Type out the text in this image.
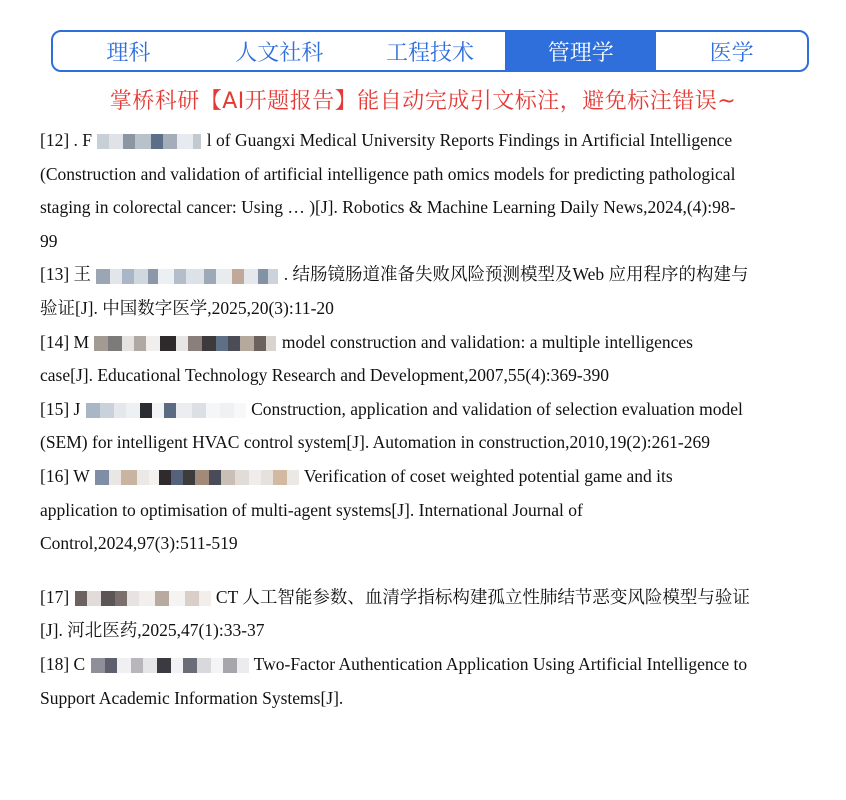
理科	人文社科	工程技术	管理学	医学
掌桥科研【AI开题报告】能自动完成引文标注，避免标注错误~

[12] . F	l of Guangxi Medical University Reports Findings in Artificial Intelligence (Construction and validation of artificial intelligence path omics models for predicting pathological staging in colorectal cancer: Using … )[J]. Robotics & Machine Learning Daily News,2024,(4):98-99

[13] 王	. 结肠镜肠道准备失败风险预测模型及Web 应用程序的构建与验证[J]. 中国数字医学,2025,20(3):11-20

[14] M	model construction and validation: a multiple intelligences case[J]. Educational Technology Research and Development,2007,55(4):369-390

[15] J	Construction, application and validation of selection evaluation model (SEM) for intelligent HVAC control system[J]. Automation in construction,2010,19(2):261-269

[16] W	Verification of coset weighted potential game and its application to optimisation of multi-agent systems[J]. International Journal of Control,2024,97(3):511-519

[17]	CT 人工智能参数、血清学指标构建孤立性肺结节恶变风险模型与验证[J]. 河北医药,2025,47(1):33-37

[18] C	Two-Factor Authentication Application Using Artificial Intelligence to Support Academic Information Systems[J].
